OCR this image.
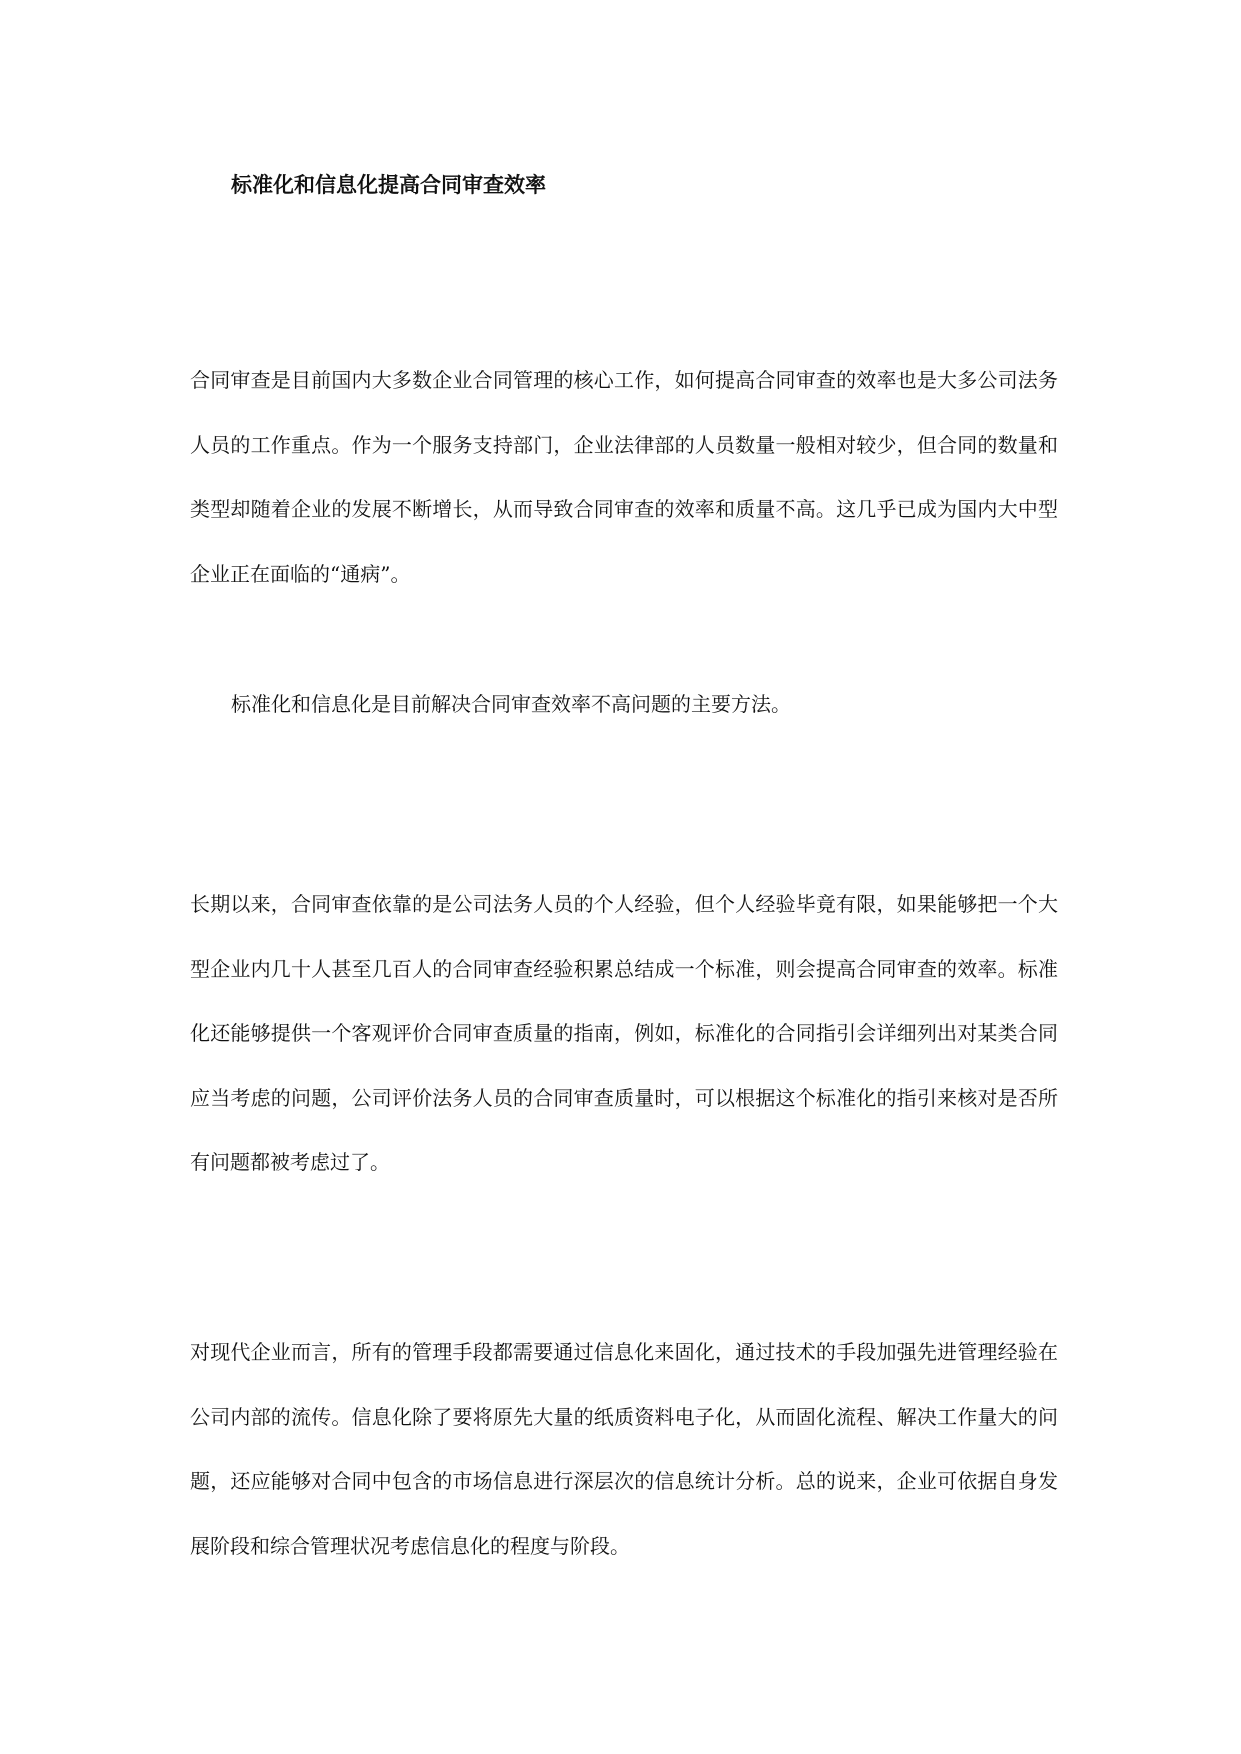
标准化和信息化提高合同审查效率

合同审查是目前国内大多数企业合同管理的核心工作，如何提高合同审查的效率也是大多公司法务人员的工作重点。作为一个服务支持部门，企业法律部的人员数量一般相对较少，但合同的数量和类型却随着企业的发展不断增长，从而导致合同审查的效率和质量不高。这几乎已成为国内大中型企业正在面临的“通病”。

标准化和信息化是目前解决合同审查效率不高问题的主要方法。

长期以来，合同审查依靠的是公司法务人员的个人经验，但个人经验毕竟有限，如果能够把一个大型企业内几十人甚至几百人的合同审查经验积累总结成一个标准，则会提高合同审查的效率。标准化还能够提供一个客观评价合同审查质量的指南，例如，标准化的合同指引会详细列出对某类合同应当考虑的问题，公司评价法务人员的合同审查质量时，可以根据这个标准化的指引来核对是否所有问题都被考虑过了。

对现代企业而言，所有的管理手段都需要通过信息化来固化，通过技术的手段加强先进管理经验在公司内部的流传。信息化除了要将原先大量的纸质资料电子化，从而固化流程、解决工作量大的问题，还应能够对合同中包含的市场信息进行深层次的信息统计分析。总的说来，企业可依据自身发展阶段和综合管理状况考虑信息化的程度与阶段。
